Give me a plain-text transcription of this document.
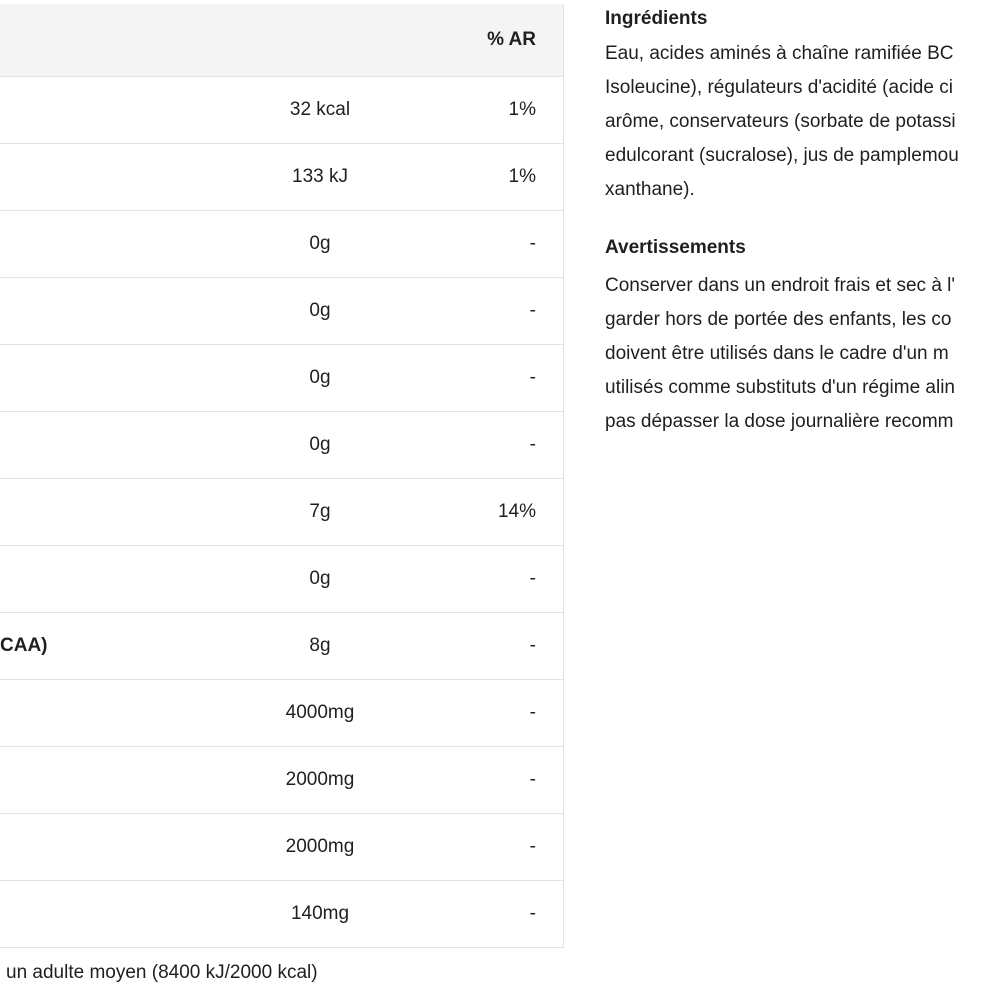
		% AR
	32 kcal	1%
	133 kJ	1%
	0g	-
	0g	-
	0g	-
	0g	-
	7g	14%
	0g	-
CAA)	8g	-
	4000mg	-
	2000mg	-
	2000mg	-
	140mg	-
un adulte moyen (8400 kJ/2000 kcal)
Ingrédients

Eau, acides aminés à chaîne ramifiée BC
Isoleucine), régulateurs d'acidité (acide ci
arôme, conservateurs (sorbate de potassi
edulcorant (sucralose), jus de pamplemou
xanthane).

Avertissements

Conserver dans un endroit frais et sec à l'
garder hors de portée des enfants, les co
doivent être utilisés dans le cadre d'un m
utilisés comme substituts d'un régime alin
pas dépasser la dose journalière recomm
